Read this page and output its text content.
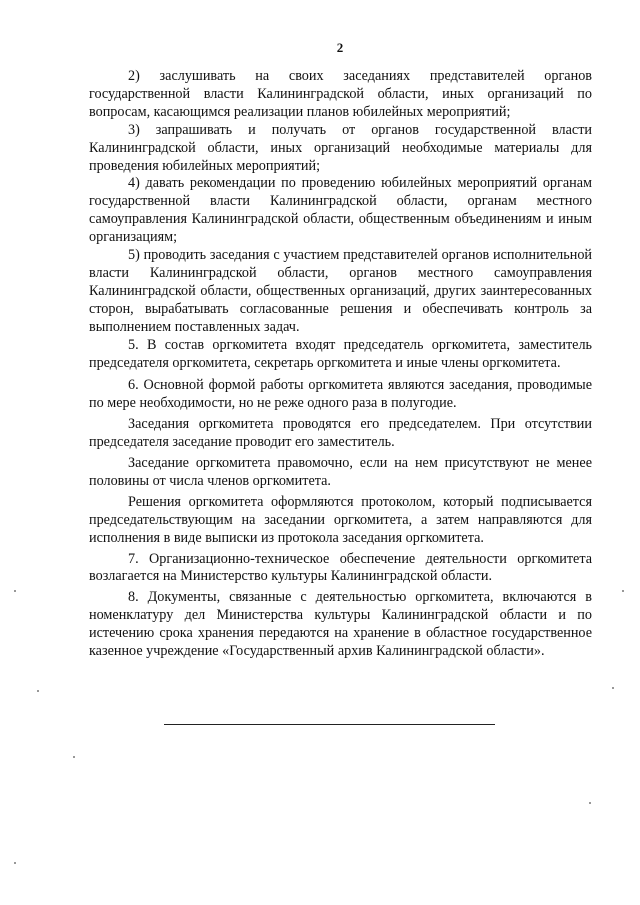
2

2) заслушивать на своих заседаниях представителей органов государственной власти Калининградской области, иных организаций по вопросам, касающимся реализации планов юбилейных мероприятий;

3) запрашивать и получать от органов государственной власти Калининградской области, иных организаций необходимые материалы для проведения юбилейных мероприятий;

4) давать рекомендации по проведению юбилейных мероприятий органам государственной власти Калининградской области, органам местного самоуправления Калининградской области, общественным объединениям и иным организациям;

5) проводить заседания с участием представителей органов исполнительной власти Калининградской области, органов местного самоуправления Калининградской области, общественных организаций, других заинтересованных сторон, вырабатывать согласованные решения и обеспечивать контроль за выполнением поставленных задач.

5. В состав оргкомитета входят председатель оргкомитета, заместитель председателя оргкомитета, секретарь оргкомитета и иные члены оргкомитета.

6. Основной формой работы оргкомитета являются заседания, проводимые по мере необходимости, но не реже одного раза в полугодие.

Заседания оргкомитета проводятся его председателем. При отсутствии председателя заседание проводит его заместитель.

Заседание оргкомитета правомочно, если на нем присутствуют не менее половины от числа членов оргкомитета.

Решения оргкомитета оформляются протоколом, который подписывается председательствующим на заседании оргкомитета, а затем направляются для исполнения в виде выписки из протокола заседания оргкомитета.

7. Организационно-техническое обеспечение деятельности оргкомитета возлагается на Министерство культуры Калининградской области.

8. Документы, связанные с деятельностью оргкомитета, включаются в номенклатуру дел Министерства культуры Калининградской области и по истечению срока хранения передаются на хранение в областное государственное казенное учреждение «Государственный архив Калининградской области».
